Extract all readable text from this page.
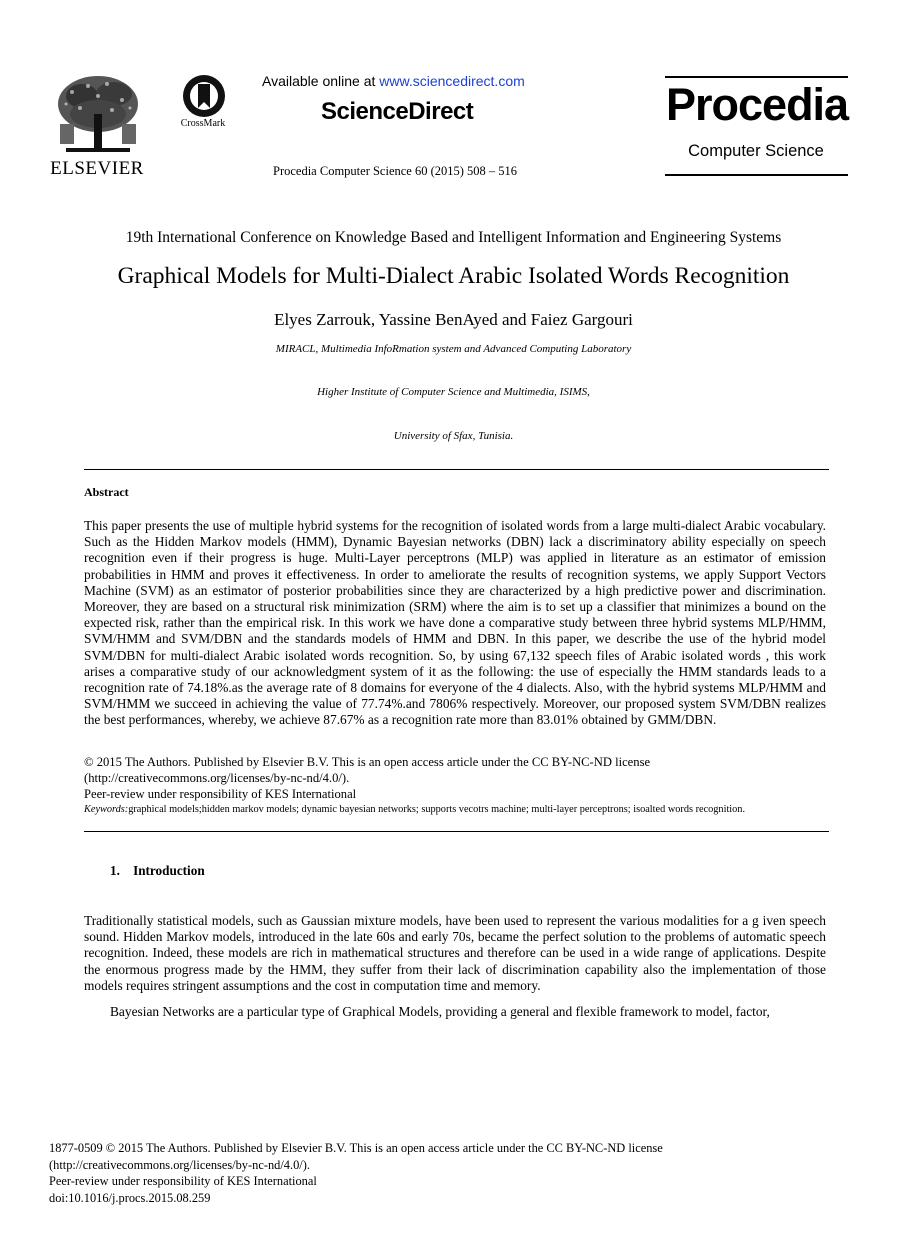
ELSEVIER
CrossMark
Available online at www.sciencedirect.com
ScienceDirect
Procedia Computer Science 60 (2015) 508 – 516
Procedia
Computer Science
19th International Conference on Knowledge Based and Intelligent Information and Engineering Systems
Graphical Models for Multi-Dialect Arabic Isolated Words Recognition
Elyes Zarrouk, Yassine BenAyed and Faiez Gargouri
MIRACL, Multimedia InfoRmation system and Advanced Computing Laboratory
Higher Institute of Computer Science and Multimedia, ISIMS,
University of Sfax, Tunisia.
Abstract
This paper presents the use of multiple hybrid systems for the recognition of isolated words from a large multi-dialect Arabic vocabulary. Such as the Hidden Markov models (HMM), Dynamic Bayesian networks (DBN) lack a discriminatory ability especially on speech recognition even if their progress is huge. Multi-Layer perceptrons (MLP) was applied in literature as an estimator of emission probabilities in HMM and proves it effectiveness. In order to ameliorate the results of recognition systems, we apply Support Vectors Machine (SVM) as an estimator of posterior probabilities since they are characterized by a high predictive power and discrimination. Moreover, they are based on a structural risk minimization (SRM) where the aim is to set up a classifier that minimizes a bound on the expected risk, rather than the empirical risk. In this work we have done a comparative study between three hybrid systems MLP/HMM, SVM/HMM and SVM/DBN and the standards models of HMM and DBN. In this paper, we describe the use of the hybrid model SVM/DBN for multi-dialect Arabic isolated words recognition. So, by using 67,132 speech files of Arabic isolated words , this work arises a comparative study of our acknowledgment system of it as the following: the use of especially the HMM standards leads to a recognition rate of 74.18%.as the average rate of 8 domains for everyone of the 4 dialects. Also, with the hybrid systems MLP/HMM and SVM/HMM we succeed in achieving the value of 77.74%.and 7806% respectively. Moreover, our proposed system SVM/DBN realizes the best performances, whereby, we achieve 87.67% as a recognition rate more than 83.01% obtained by GMM/DBN.
© 2015 The Authors. Published by Elsevier B.V. This is an open access article under the CC BY-NC-ND license
(http://creativecommons.org/licenses/by-nc-nd/4.0/).
Peer-review under responsibility of KES International
Keywords:graphical models;hidden markov models; dynamic bayesian networks; supports vecotrs machine; multi-layer perceptrons; isoalted words recognition.
1.    Introduction
Traditionally statistical models, such as Gaussian mixture models, have been used to represent the various modalities for a g iven speech sound. Hidden Markov models, introduced in the late 60s and early 70s, became the perfect solution to the problems of automatic speech recognition. Indeed, these models are rich in mathematical structures and therefore can be used in a wide range of applications. Despite the enormous progress made by the HMM, they suffer from their lack of discrimination capability also the implementation of those models requires stringent assumptions and the cost in computation time and memory.
Bayesian Networks are a particular type of Graphical Models, providing a general and flexible framework to model, factor,
1877-0509 © 2015 The Authors. Published by Elsevier B.V. This is an open access article under the CC BY-NC-ND license
(http://creativecommons.org/licenses/by-nc-nd/4.0/).
Peer-review under responsibility of KES International
doi:10.1016/j.procs.2015.08.259
